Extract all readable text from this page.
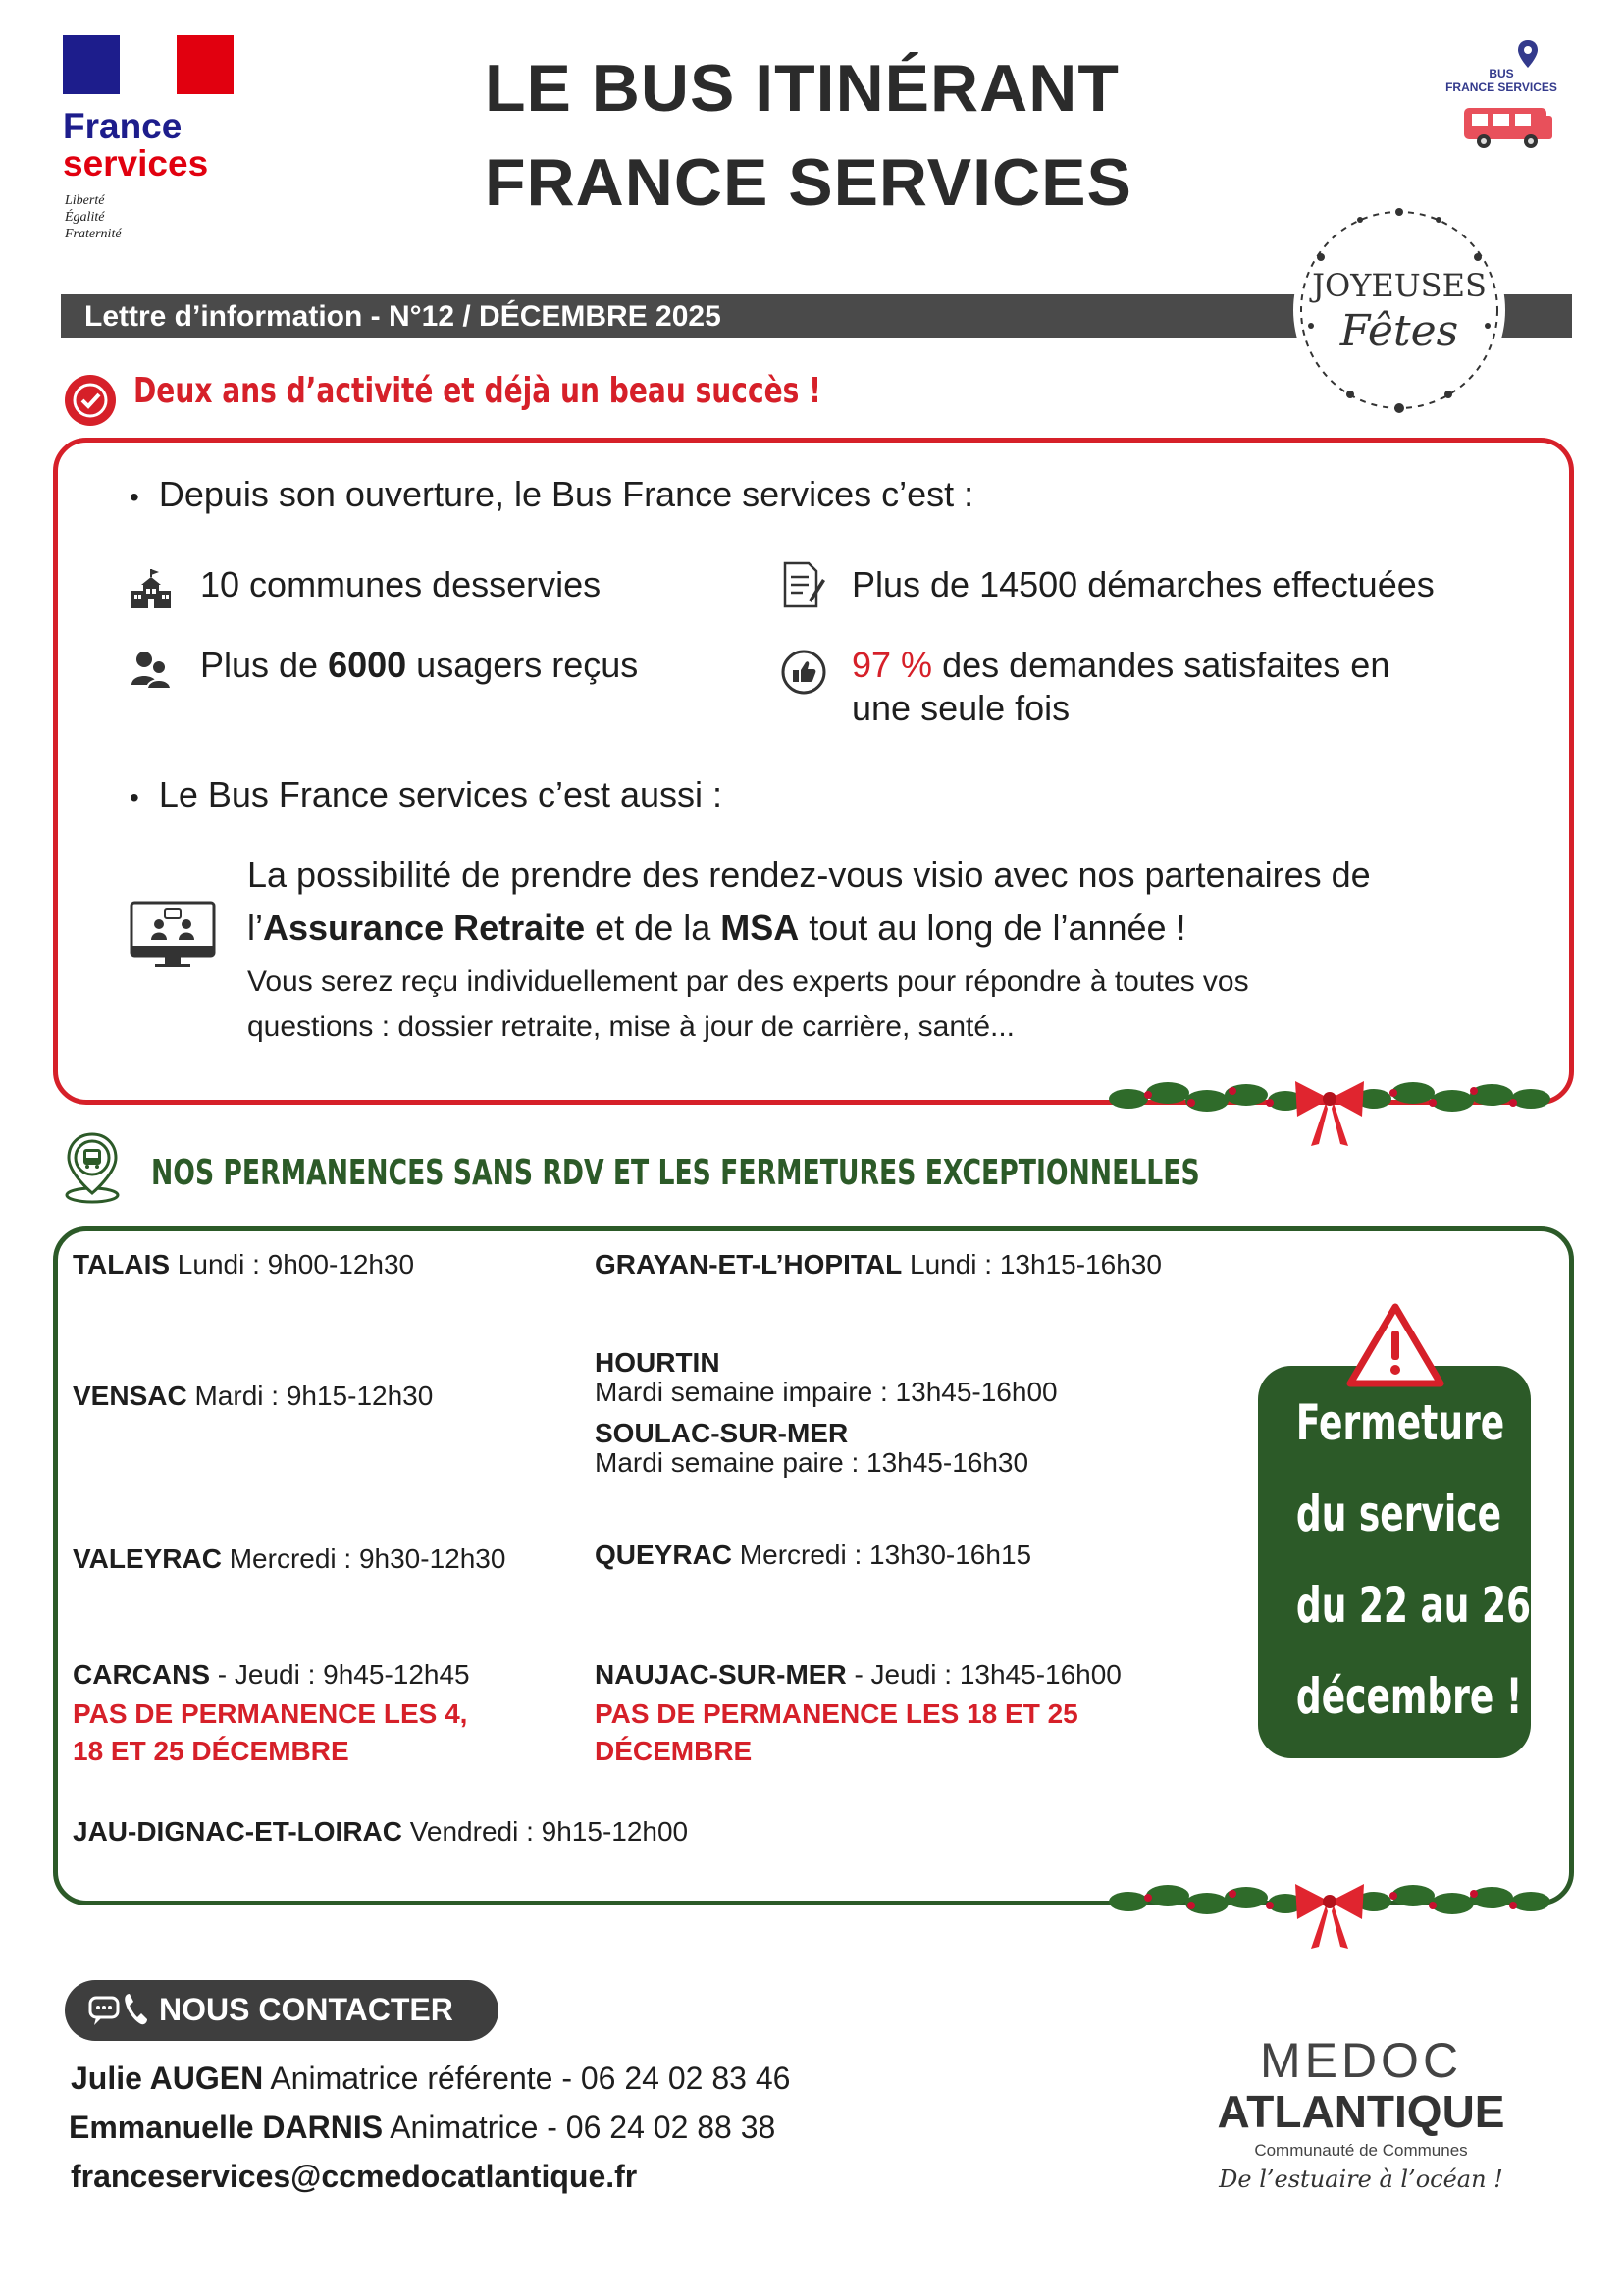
France
services
Liberté
Égalité
Fraternité
LE BUS ITINÉRANT
FRANCE SERVICES
BUS
FRANCE SERVICES
Lettre d’information - N°12 / DÉCEMBRE 2025
JOYEUSES
Fêtes
Deux ans d’activité et déjà un beau succès !
• Depuis son ouverture, le Bus France services c’est :
10 communes desservies	Plus de 14500 démarches effectuées
Plus de 6000 usagers reçus	97 % des demandes satisfaites en
une seule fois
• Le Bus France services c’est aussi :
La possibilité de prendre des rendez-vous visio avec nos partenaires de
l’Assurance Retraite et de la MSA tout au long de l’année !
Vous serez reçu individuellement par des experts pour répondre à toutes vos
questions : dossier retraite, mise à jour de carrière, santé...
NOS PERMANENCES SANS RDV ET LES FERMETURES EXCEPTIONNELLES
TALAIS Lundi : 9h00-12h30	GRAYAN-ET-L’HOPITAL Lundi : 13h15-16h30
VENSAC Mardi : 9h15-12h30
HOURTIN
Mardi semaine impaire : 13h45-16h00
SOULAC-SUR-MER
Mardi semaine paire : 13h45-16h30
VALEYRAC Mercredi : 9h30-12h30	QUEYRAC Mercredi : 13h30-16h15
CARCANS - Jeudi : 9h45-12h45
PAS DE PERMANENCE LES 4,
18 ET 25 DÉCEMBRE
NAUJAC-SUR-MER - Jeudi : 13h45-16h00
PAS DE PERMANENCE LES 18 ET 25
DÉCEMBRE
JAU-DIGNAC-ET-LOIRAC Vendredi : 9h15-12h00
Fermeture
du service
du 22 au 26
décembre !
NOUS CONTACTER
Julie AUGEN Animatrice référente - 06 24 02 83 46
Emmanuelle DARNIS Animatrice - 06 24 02 88 38
franceservices@ccmedocatlantique.fr
MEDOC
ATLANTIQUE
Communauté de Communes
De l’estuaire à l’océan !
